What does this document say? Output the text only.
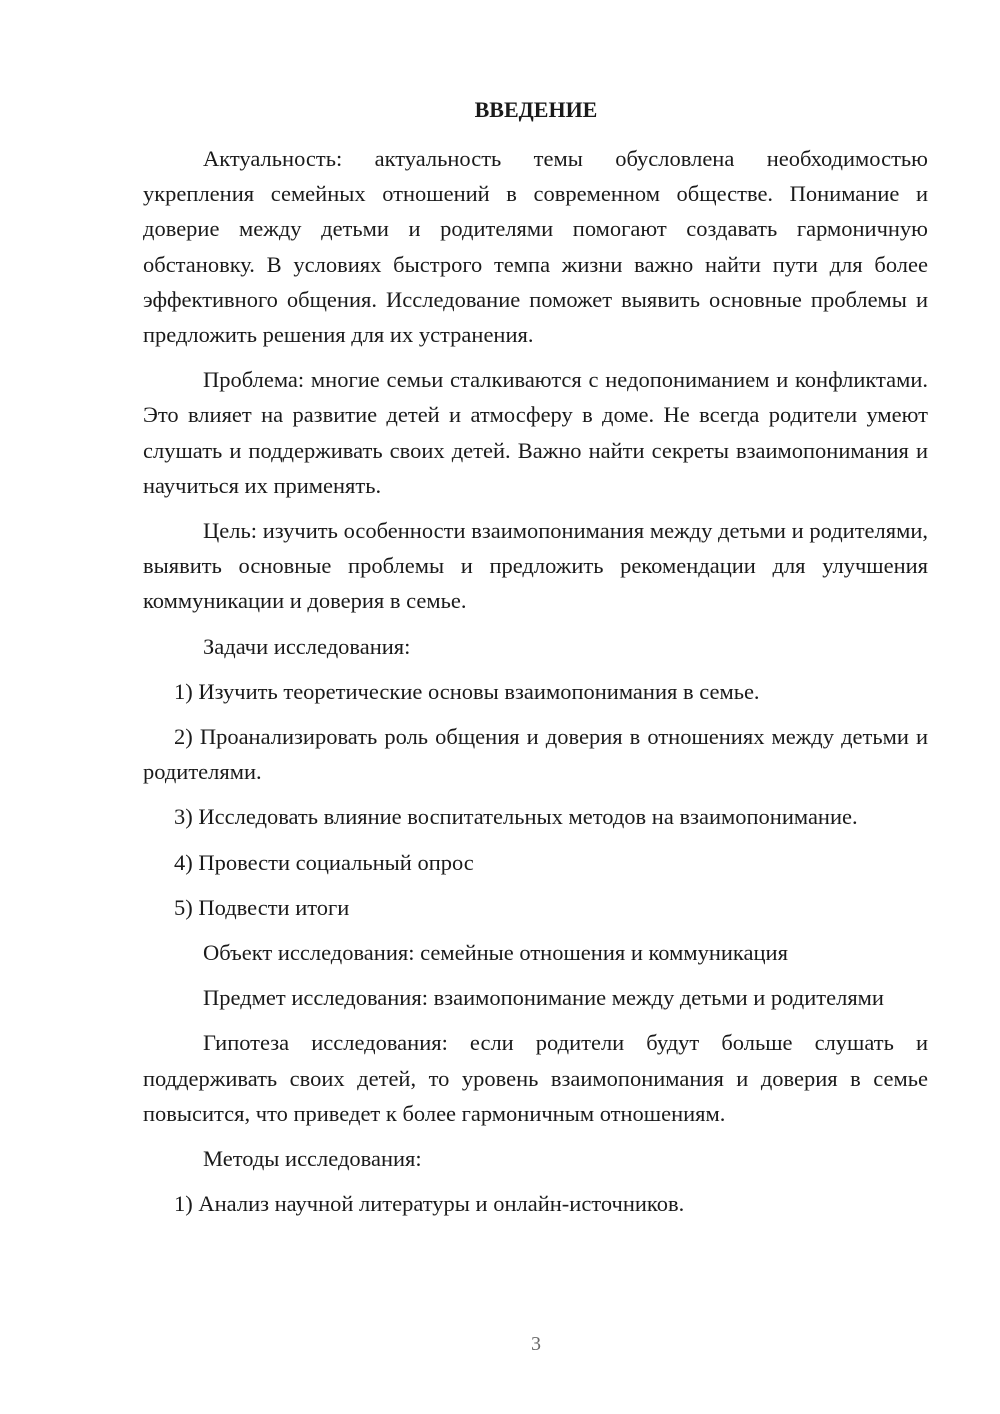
ВВЕДЕНИЕ

Актуальность: актуальность темы обусловлена необходимостью укрепления семейных отношений в современном обществе. Понимание и доверие между детьми и родителями помогают создавать гармоничную обстановку. В условиях быстрого темпа жизни важно найти пути для более эффективного общения. Исследование поможет выявить основные проблемы и предложить решения для их устранения.

Проблема: многие семьи сталкиваются с недопониманием и конфликтами. Это влияет на развитие детей и атмосферу в доме. Не всегда родители умеют слушать и поддерживать своих детей. Важно найти секреты взаимопонимания и научиться их применять.

Цель: изучить особенности взаимопонимания между детьми и родителями, выявить основные проблемы и предложить рекомендации для улучшения коммуникации и доверия в семье.

Задачи исследования:

1) Изучить теоретические основы взаимопонимания в семье.

2) Проанализировать роль общения и доверия в отношениях между детьми и родителями.

3) Исследовать влияние воспитательных методов на взаимопонимание.

4) Провести социальный опрос

5) Подвести итоги

Объект исследования: семейные отношения и коммуникация

Предмет исследования: взаимопонимание между детьми и родителями

Гипотеза исследования: если родители будут больше слушать и поддерживать своих детей, то уровень взаимопонимания и доверия в семье повысится, что приведет к более гармоничным отношениям.

Методы исследования:

1) Анализ научной литературы и онлайн-источников.

3
